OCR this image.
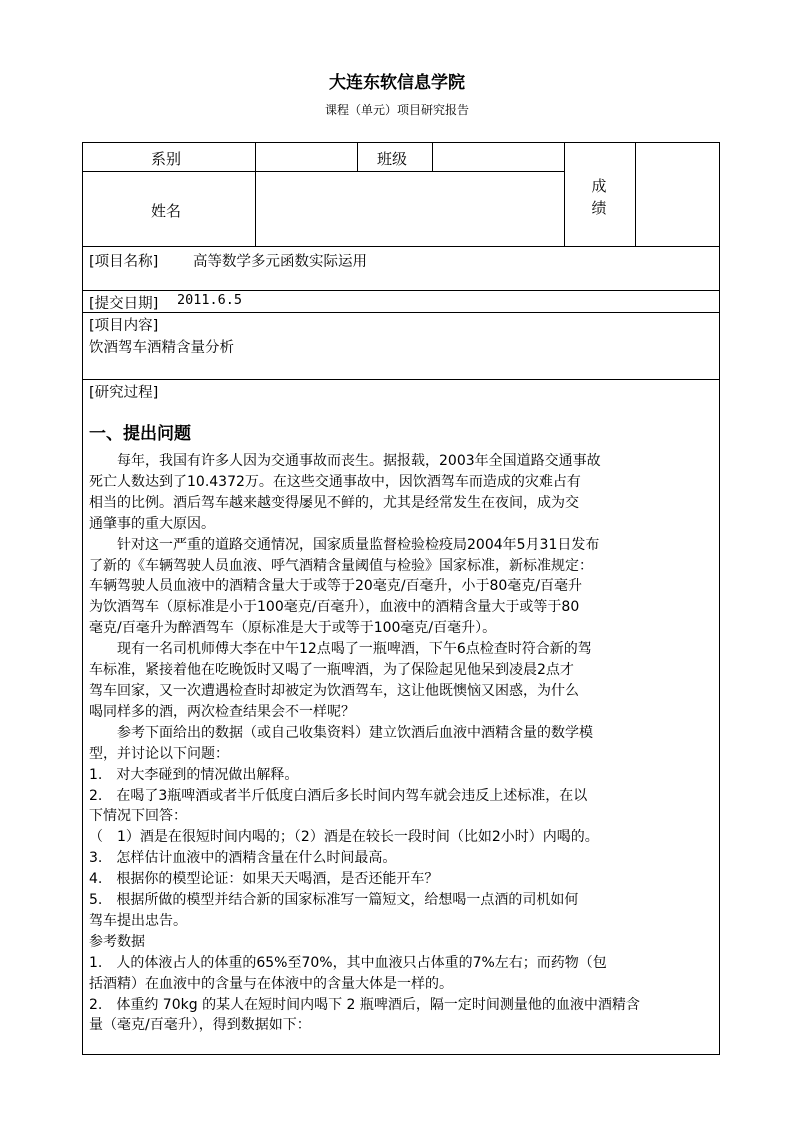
大连东软信息学院
课程（单元）项目研究报告
系别	班级
姓名
成绩
[项目名称] 高等数学多元函数实际运用
[提交日期] 2011.6.5
[项目内容]
饮酒驾车酒精含量分析
[研究过程]
一、提出问题

　　每年，我国有许多人因为交通事故而丧生。据报载，2003年全国道路交通事故

死亡人数达到了10.4372万。在这些交通事故中，因饮酒驾车而造成的灾难占有

相当的比例。酒后驾车越来越变得屡见不鲜的，尤其是经常发生在夜间，成为交

通肇事的重大原因。

　　针对这一严重的道路交通情况，国家质量监督检验检疫局2004年5月31日发布

了新的《车辆驾驶人员血液、呼气酒精含量阈值与检验》国家标准，新标准规定：

车辆驾驶人员血液中的酒精含量大于或等于20毫克/百毫升，小于80毫克/百毫升

为饮酒驾车（原标准是小于100毫克/百毫升），血液中的酒精含量大于或等于80

毫克/百毫升为醉酒驾车（原标准是大于或等于100毫克/百毫升）。

　　现有一名司机师傅大李在中午12点喝了一瓶啤酒，下午6点检查时符合新的驾

车标准，紧接着他在吃晚饭时又喝了一瓶啤酒，为了保险起见他呆到凌晨2点才

驾车回家，又一次遭遇检查时却被定为饮酒驾车，这让他既懊恼又困惑，为什么

喝同样多的酒，两次检查结果会不一样呢？

　　参考下面给出的数据（或自己收集资料）建立饮酒后血液中酒精含量的数学模

型，并讨论以下问题：

1.　对大李碰到的情况做出解释。

2.　在喝了3瓶啤酒或者半斤低度白酒后多长时间内驾车就会违反上述标准，在以

下情况下回答：

（　1）酒是在很短时间内喝的；（2）酒是在较长一段时间（比如2小时）内喝的。

3.　怎样估计血液中的酒精含量在什么时间最高。

4.　根据你的模型论证：如果天天喝酒，是否还能开车？

5.　根据所做的模型并结合新的国家标准写一篇短文，给想喝一点酒的司机如何

驾车提出忠告。

参考数据

1.　人的体液占人的体重的65%至70%，其中血液只占体重的7%左右；而药物（包

括酒精）在血液中的含量与在体液中的含量大体是一样的。

2.　体重约 70kg 的某人在短时间内喝下 2 瓶啤酒后，隔一定时间测量他的血液中酒精含

量（毫克/百毫升），得到数据如下：
